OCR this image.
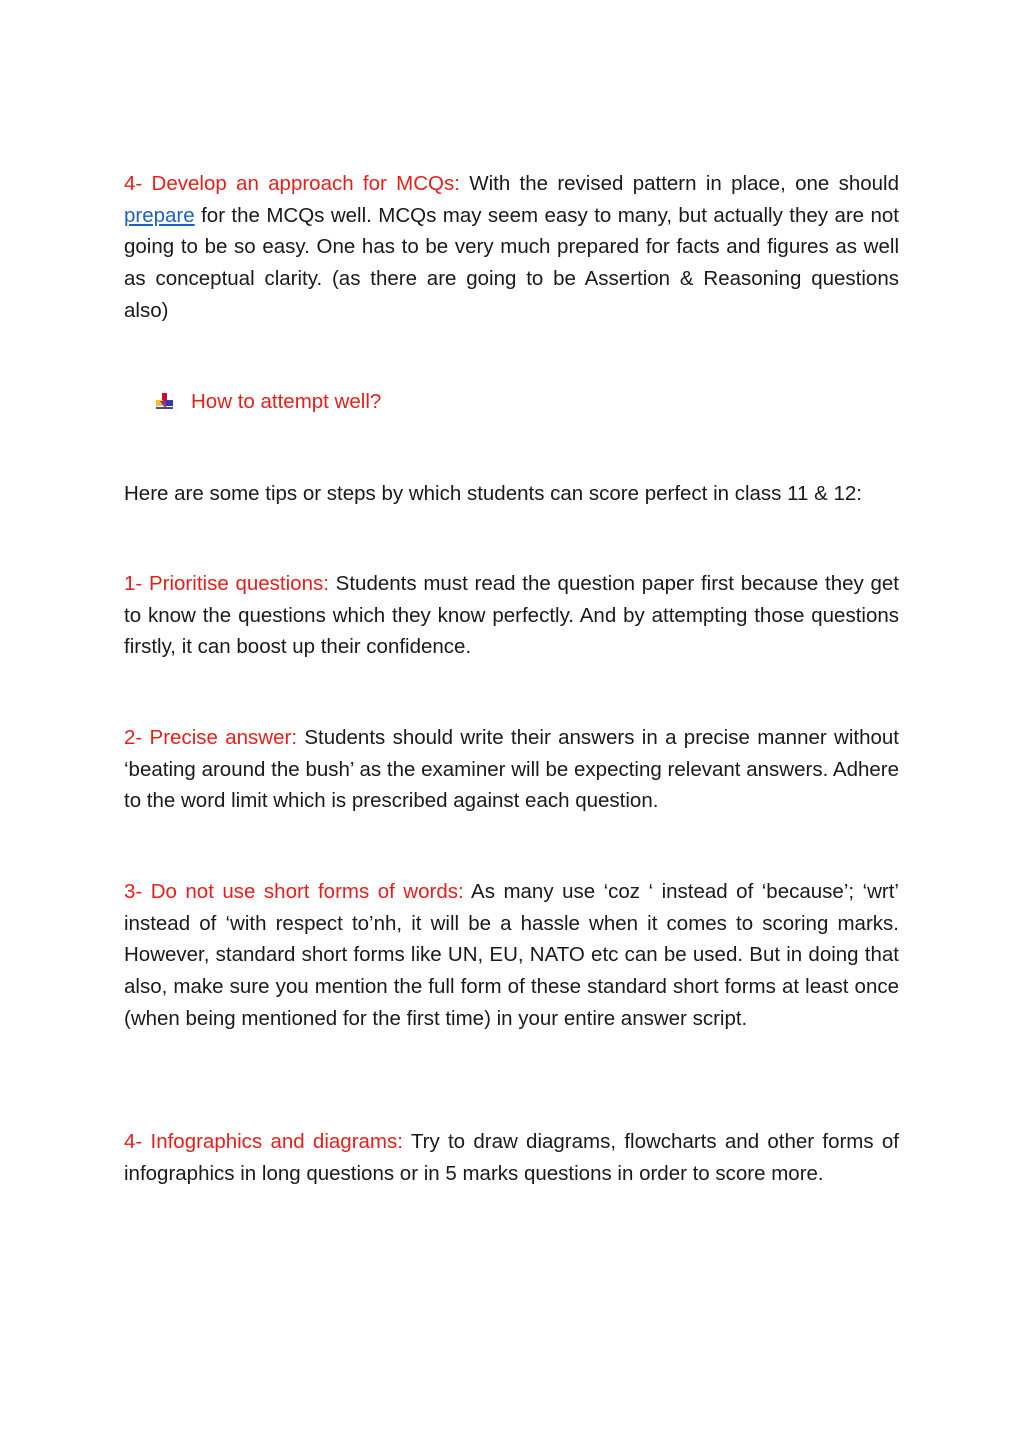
4- Develop an approach for MCQs: With the revised pattern in place, one should prepare for the MCQs well. MCQs may seem easy to many, but actually they are not going to be so easy. One has to be very much prepared for facts and figures as well as conceptual clarity. (as there are going to be Assertion & Reasoning questions also)

How to attempt well?

Here are some tips or steps by which students can score perfect in class 11 & 12:

1- Prioritise questions: Students must read the question paper first because they get to know the questions which they know perfectly. And by attempting those questions firstly, it can boost up their confidence.

2- Precise answer: Students should write their answers in a precise manner without ‘beating around the bush’ as the examiner will be expecting relevant answers. Adhere to the word limit which is prescribed against each question.

3- Do not use short forms of words: As many use ‘coz ‘ instead of ‘because’; ‘wrt’ instead of ‘with respect to’nh, it will be a hassle when it comes to scoring marks. However, standard short forms like UN, EU, NATO etc can be used. But in doing that also, make sure you mention the full form of these standard short forms at least once (when being mentioned for the first time) in your entire answer script.

4- Infographics and diagrams: Try to draw diagrams, flowcharts and other forms of infographics in long questions or in 5 marks questions in order to score more.
